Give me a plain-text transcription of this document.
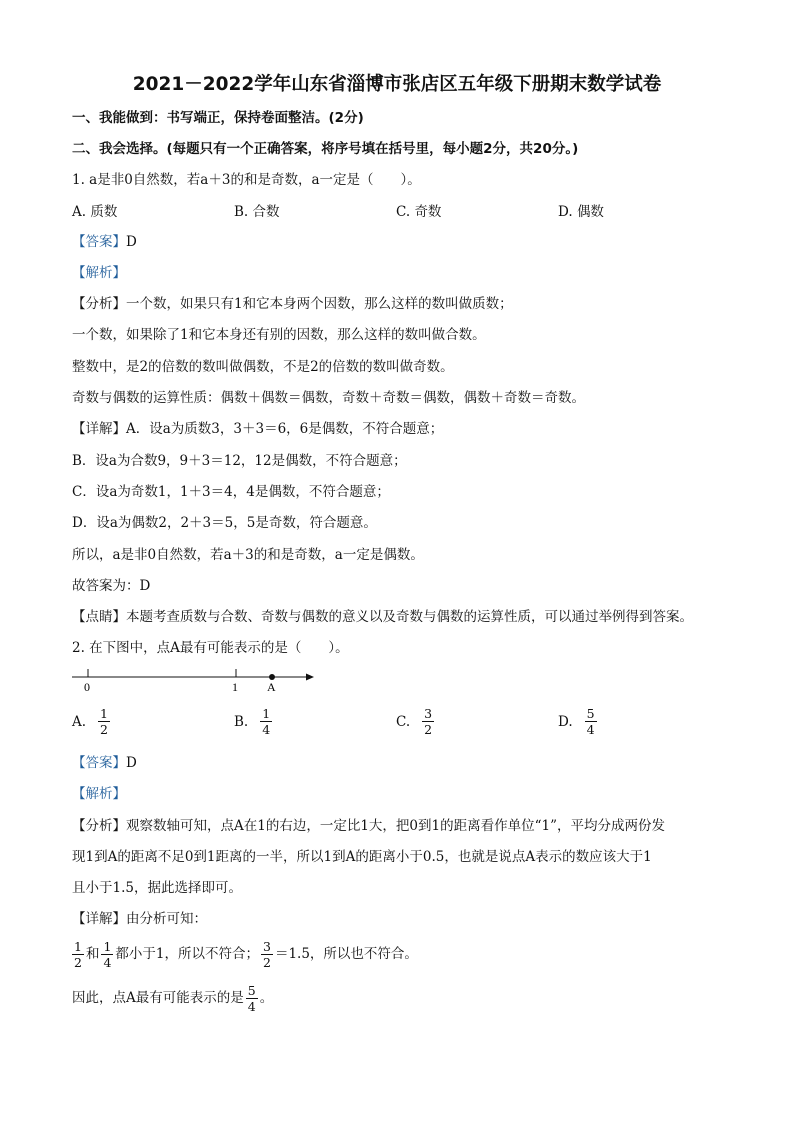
2021－2022学年山东省淄博市张店区五年级下册期末数学试卷
一、我能做到：书写端正，保持卷面整洁。(2分)
二、我会选择。(每题只有一个正确答案，将序号填在括号里，每小题2分，共20分。)
1. a是非0自然数，若a＋3的和是奇数，a一定是（　　）。
A. 质数	B. 合数	C. 奇数	D. 偶数
【答案】D
【解析】
【分析】一个数，如果只有1和它本身两个因数，那么这样的数叫做质数；
一个数，如果除了1和它本身还有别的因数，那么这样的数叫做合数。
整数中，是2的倍数的数叫做偶数，不是2的倍数的数叫做奇数。
奇数与偶数的运算性质：偶数＋偶数＝偶数，奇数＋奇数＝偶数，偶数＋奇数＝奇数。
【详解】A．设a为质数3，3＋3＝6，6是偶数，不符合题意；
B．设a为合数9，9＋3＝12，12是偶数，不符合题意；
C．设a为奇数1，1＋3＝4，4是偶数，不符合题意；
D．设a为偶数2，2＋3＝5，5是奇数，符合题意。
所以，a是非0自然数，若a＋3的和是奇数，a一定是偶数。
故答案为：D
【点睛】本题考查质数与合数、奇数与偶数的意义以及奇数与偶数的运算性质，可以通过举例得到答案。
2. 在下图中，点A最有可能表示的是（　　）。
0	1 A
A. $\frac{1}{2}$	B. $\frac{1}{4}$	C. $\frac{3}{2}$	D. $\frac{5}{4}$
【答案】D
【解析】
【分析】观察数轴可知，点A在1的右边，一定比1大，把0到1的距离看作单位“1”，平均分成两份发
现1到A的距离不足0到1距离的一半，所以1到A的距离小于0.5，也就是说点A表示的数应该大于1
且小于1.5，据此选择即可。
【详解】由分析可知：
$\frac{1}{2}$ 和 $\frac{1}{4}$ 都小于1，所以不符合； $\frac{3}{2} =1.5$，所以也不符合。
因此，点A最有可能表示的是 $\frac{5}{4}$ 。
